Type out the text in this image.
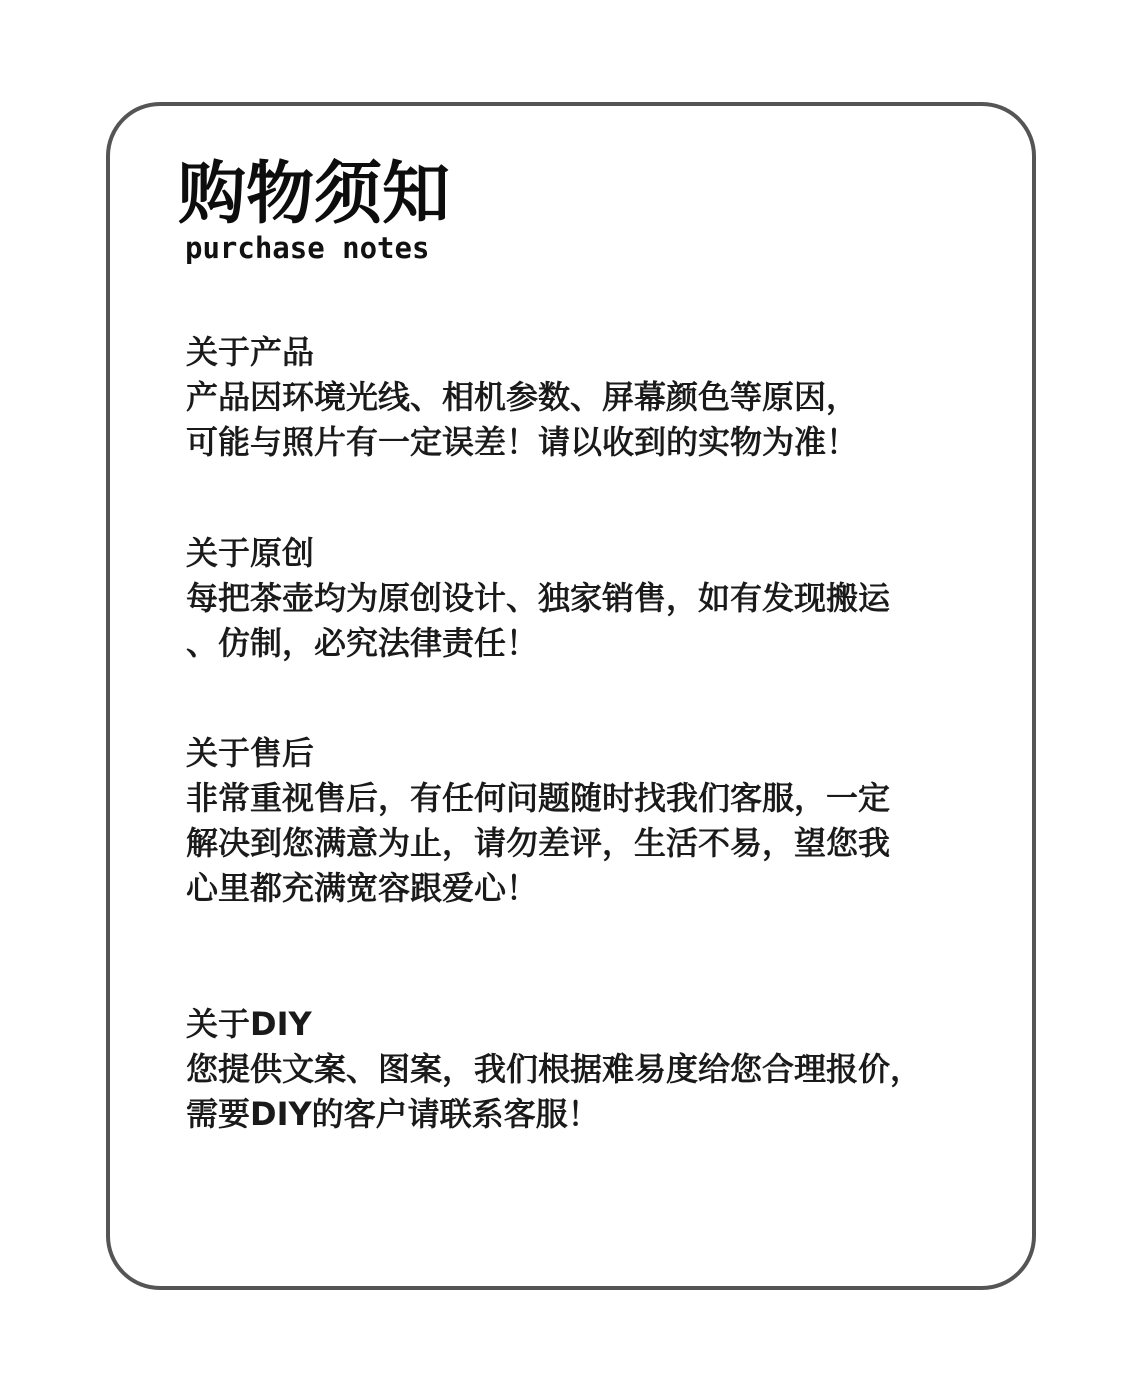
购物须知
purchase notes
关于产品
产品因环境光线、相机参数、屏幕颜色等原因，
可能与照片有一定误差！请以收到的实物为准！
关于原创
每把茶壶均为原创设计、独家销售，如有发现搬运
、仿制，必究法律责任！
关于售后
非常重视售后，有任何问题随时找我们客服，一定
解决到您满意为止，请勿差评，生活不易，望您我
心里都充满宽容跟爱心！
关于DIY
您提供文案、图案，我们根据难易度给您合理报价，
需要DIY的客户请联系客服！
